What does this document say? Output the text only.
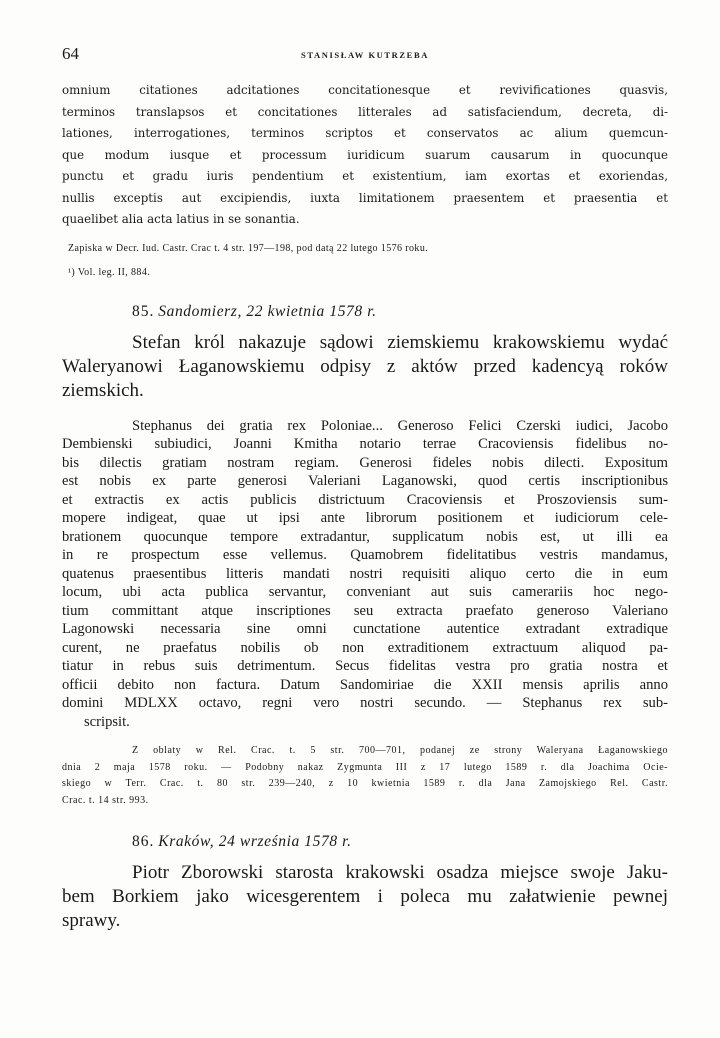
64	STANISŁAW KUTRZEBA
omnium citationes adcitationes concitationesque et revivificationes quasvis,
terminos translapsos et concitationes litterales ad satisfaciendum, decreta, di-
lationes, interrogationes, terminos scriptos et conservatos ac alium quemcun-
que modum iusque et processum iuridicum suarum causarum in quocunque
punctu et gradu iuris pendentium et existentium, iam exortas et exoriendas,
nullis exceptis aut excipiendis, iuxta limitationem praesentem et praesentia et
quaelibet alia acta latius in se sonantia.
Zapiska w Decr. Iud. Castr. Crac t. 4 str. 197—198, pod datą 22 lutego 1576 roku.
¹) Vol. leg. II, 884.
85. Sandomierz, 22 kwietnia 1578 r.
Stefan król nakazuje sądowi ziemskiemu krakowskiemu wydać
Waleryanowi Łaganowskiemu odpisy z aktów przed kadencyą roków
ziemskich.
Stephanus dei gratia rex Poloniae... Generoso Felici Czerski iudici, Jacobo
Dembienski subiudici, Joanni Kmitha notario terrae Cracoviensis fidelibus no-
bis dilectis gratiam nostram regiam. Generosi fideles nobis dilecti. Expositum
est nobis ex parte generosi Valeriani Laganowski, quod certis inscriptionibus
et extractis ex actis publicis districtuum Cracoviensis et Proszoviensis sum-
mopere indigeat, quae ut ipsi ante librorum positionem et iudiciorum cele-
brationem quocunque tempore extradantur, supplicatum nobis est, ut illi ea
in re prospectum esse vellemus. Quamobrem fidelitatibus vestris mandamus,
quatenus praesentibus litteris mandati nostri requisiti aliquo certo die in eum
locum, ubi acta publica servantur, conveniant aut suis camerariis hoc nego-
tium committant atque inscriptiones seu extracta praefato generoso Valeriano
Lagonowski necessaria sine omni cunctatione autentice extradant extradique
curent, ne praefatus nobilis ob non extraditionem extractuum aliquod pa-
tiatur in rebus suis detrimentum. Secus fidelitas vestra pro gratia nostra et
officii debito non factura. Datum Sandomiriae die XXII mensis aprilis anno
domini MDLXX octavo, regni vero nostri secundo. — Stephanus rex sub-
scripsit.
Z oblaty w Rel. Crac. t. 5 str. 700—701, podanej ze strony Waleryana Łaganowskiego
dnia 2 maja 1578 roku. — Podobny nakaz Zygmunta III z 17 lutego 1589 r. dla Joachima Ocie-
skiego w Terr. Crac. t. 80 str. 239—240, z 10 kwietnia 1589 r. dla Jana Zamojskiego Rel. Castr.
Crac. t. 14 str. 993.
86. Kraków, 24 września 1578 r.
Piotr Zborowski starosta krakowski osadza miejsce swoje Jaku-
bem Borkiem jako wicesgerentem i poleca mu załatwienie pewnej
sprawy.
